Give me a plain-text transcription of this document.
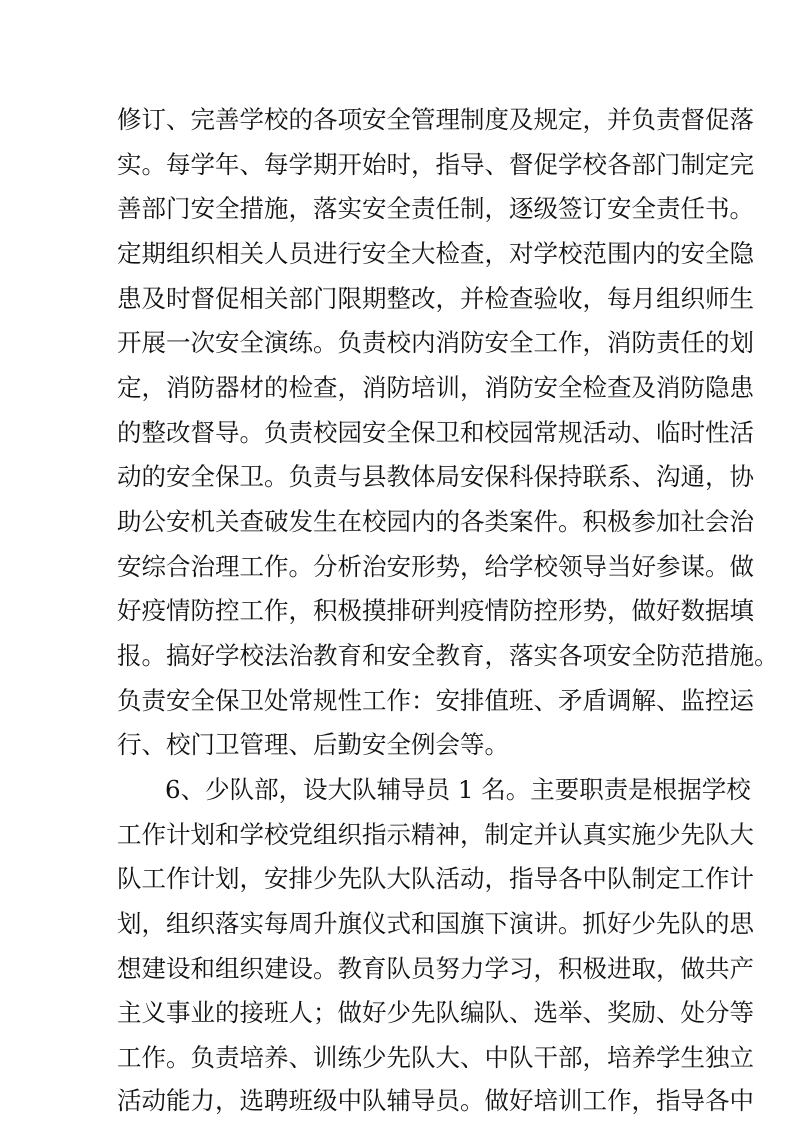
修订、完善学校的各项安全管理制度及规定，并负责督促落
实。每学年、每学期开始时，指导、督促学校各部门制定完
善部门安全措施，落实安全责任制，逐级签订安全责任书。
定期组织相关人员进行安全大检查，对学校范围内的安全隐
患及时督促相关部门限期整改，并检查验收，每月组织师生
开展一次安全演练。负责校内消防安全工作，消防责任的划
定，消防器材的检查，消防培训，消防安全检查及消防隐患
的整改督导。负责校园安全保卫和校园常规活动、临时性活
动的安全保卫。负责与县教体局安保科保持联系、沟通，协
助公安机关查破发生在校园内的各类案件。积极参加社会治
安综合治理工作。分析治安形势，给学校领导当好参谋。做
好疫情防控工作，积极摸排研判疫情防控形势，做好数据填
报。搞好学校法治教育和安全教育，落实各项安全防范措施。
负责安全保卫处常规性工作：安排值班、矛盾调解、监控运
行、校门卫管理、后勤安全例会等。
6、少队部，设大队辅导员 1 名。主要职责是根据学校
工作计划和学校党组织指示精神，制定并认真实施少先队大
队工作计划，安排少先队大队活动，指导各中队制定工作计
划，组织落实每周升旗仪式和国旗下演讲。抓好少先队的思
想建设和组织建设。教育队员努力学习，积极进取，做共产
主义事业的接班人；做好少先队编队、选举、奖励、处分等
工作。负责培养、训练少先队大、中队干部，培养学生独立
活动能力，选聘班级中队辅导员。做好培训工作，指导各中
